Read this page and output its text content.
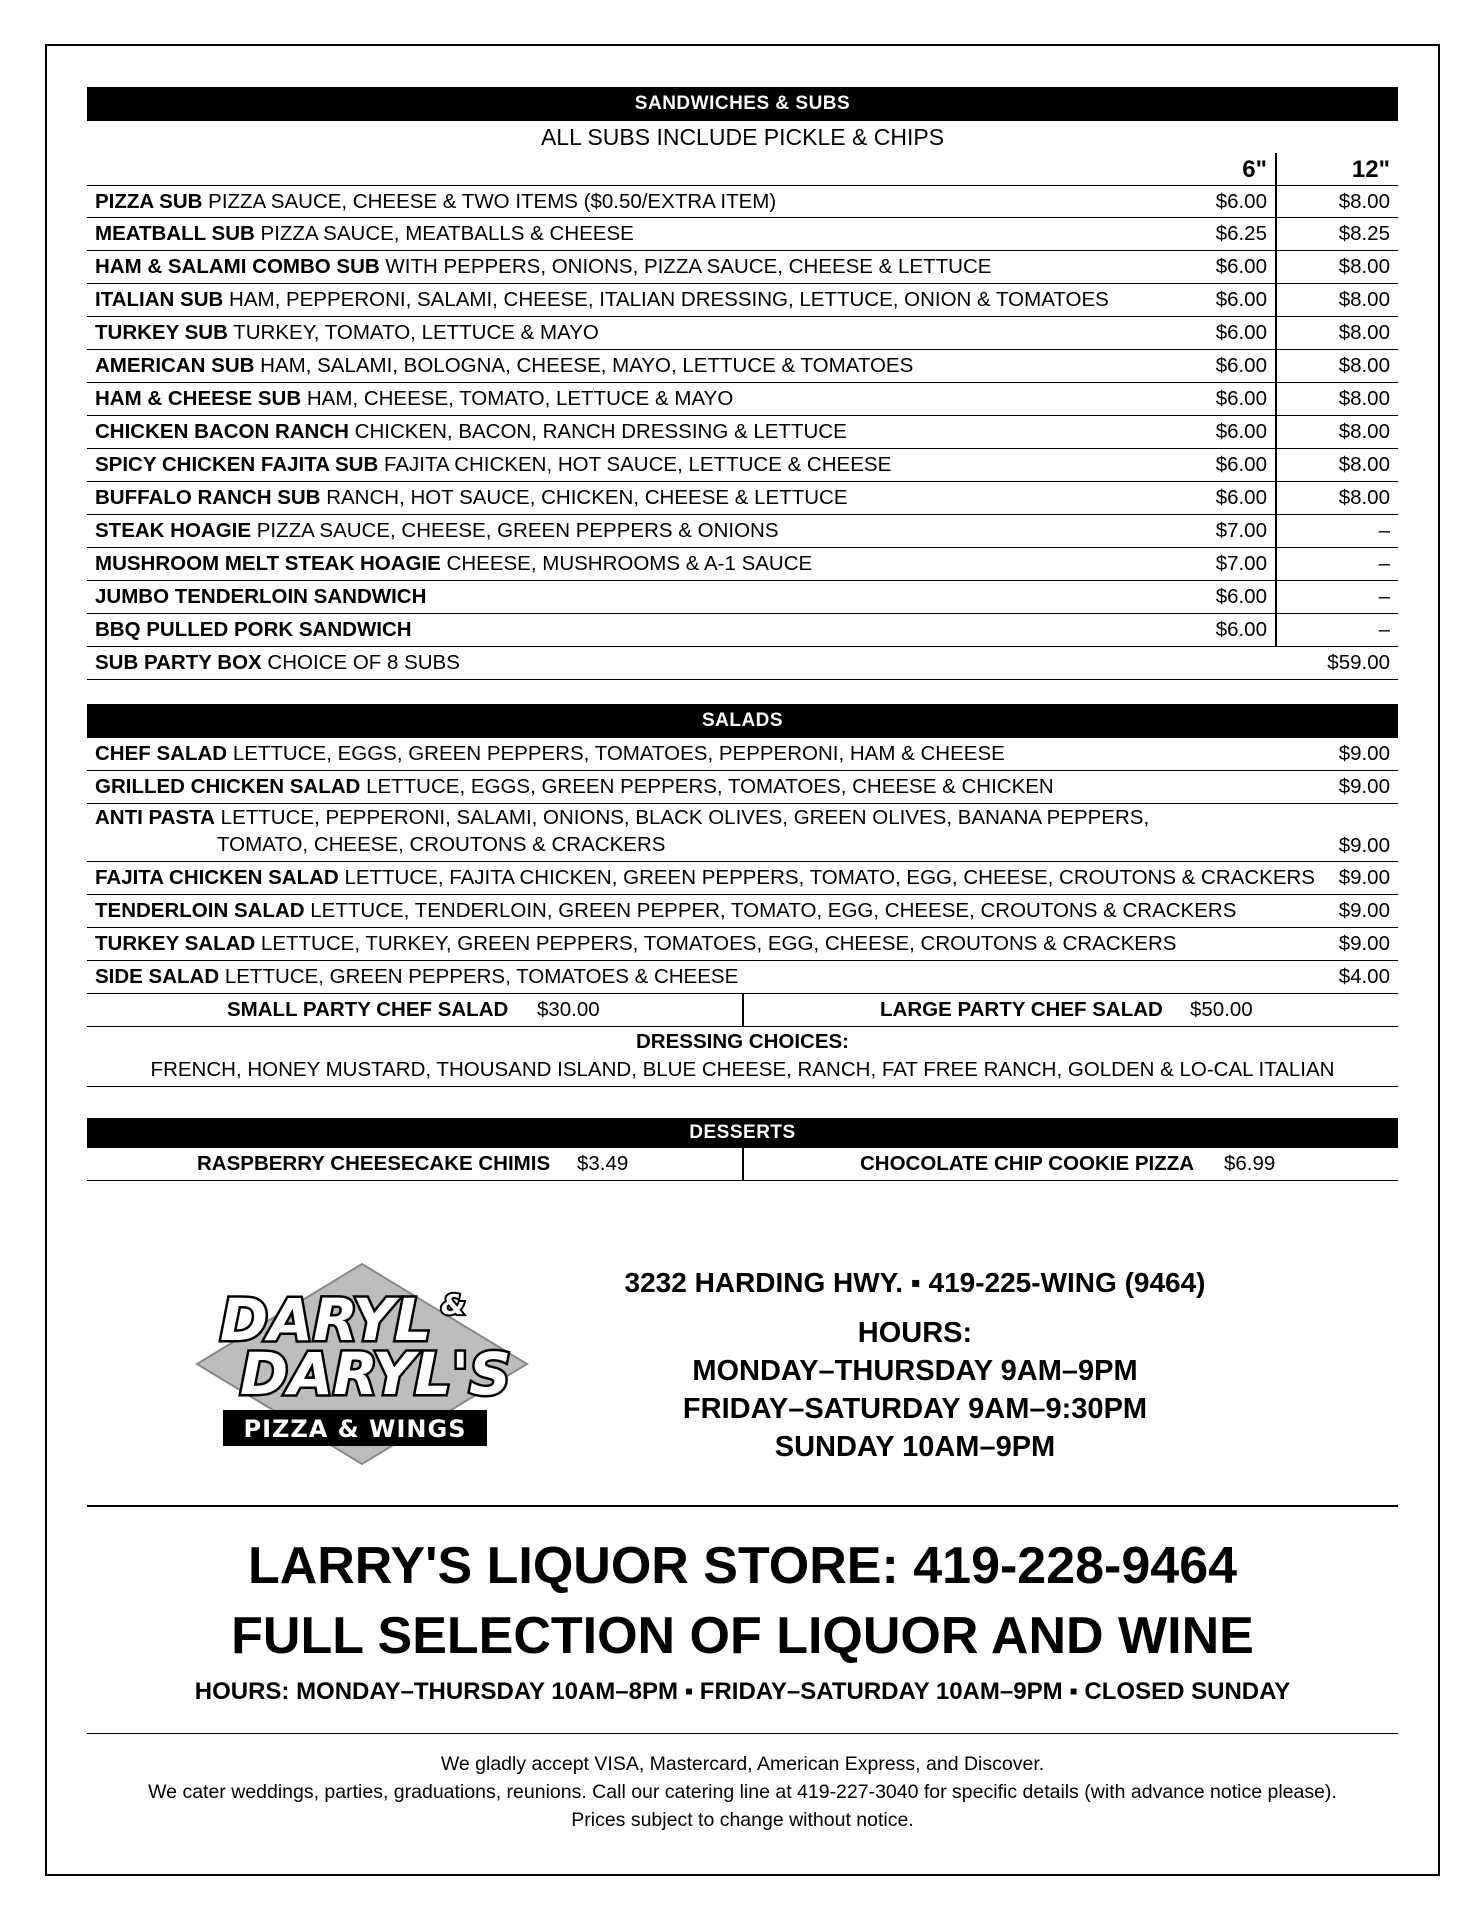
SANDWICHES & SUBS
ALL SUBS INCLUDE PICKLE & CHIPS
6"	12"
PIZZA SUB PIZZA SAUCE, CHEESE & TWO ITEMS ($0.50/EXTRA ITEM)	$6.00	$8.00
MEATBALL SUB PIZZA SAUCE, MEATBALLS & CHEESE	$6.25	$8.25
HAM & SALAMI COMBO SUB WITH PEPPERS, ONIONS, PIZZA SAUCE, CHEESE & LETTUCE	$6.00	$8.00
ITALIAN SUB HAM, PEPPERONI, SALAMI, CHEESE, ITALIAN DRESSING, LETTUCE, ONION & TOMATOES	$6.00	$8.00
TURKEY SUB TURKEY, TOMATO, LETTUCE & MAYO	$6.00	$8.00
AMERICAN SUB HAM, SALAMI, BOLOGNA, CHEESE, MAYO, LETTUCE & TOMATOES	$6.00	$8.00
HAM & CHEESE SUB HAM, CHEESE, TOMATO, LETTUCE & MAYO	$6.00	$8.00
CHICKEN BACON RANCH CHICKEN, BACON, RANCH DRESSING & LETTUCE	$6.00	$8.00
SPICY CHICKEN FAJITA SUB FAJITA CHICKEN, HOT SAUCE, LETTUCE & CHEESE	$6.00	$8.00
BUFFALO RANCH SUB RANCH, HOT SAUCE, CHICKEN, CHEESE & LETTUCE	$6.00	$8.00
STEAK HOAGIE PIZZA SAUCE, CHEESE, GREEN PEPPERS & ONIONS	$7.00	–
MUSHROOM MELT STEAK HOAGIE CHEESE, MUSHROOMS & A-1 SAUCE	$7.00	–
JUMBO TENDERLOIN SANDWICH	$6.00	–
BBQ PULLED PORK SANDWICH	$6.00	–
SUB PARTY BOX CHOICE OF 8 SUBS	$59.00
SALADS
CHEF SALAD LETTUCE, EGGS, GREEN PEPPERS, TOMATOES, PEPPERONI, HAM & CHEESE	$9.00
GRILLED CHICKEN SALAD LETTUCE, EGGS, GREEN PEPPERS, TOMATOES, CHEESE & CHICKEN	$9.00
ANTI PASTA LETTUCE, PEPPERONI, SALAMI, ONIONS, BLACK OLIVES, GREEN OLIVES, BANANA PEPPERS,
TOMATO, CHEESE, CROUTONS & CRACKERS	$9.00
FAJITA CHICKEN SALAD LETTUCE, FAJITA CHICKEN, GREEN PEPPERS, TOMATO, EGG, CHEESE, CROUTONS & CRACKERS $9.00
TENDERLOIN SALAD LETTUCE, TENDERLOIN, GREEN PEPPER, TOMATO, EGG, CHEESE, CROUTONS & CRACKERS	$9.00
TURKEY SALAD LETTUCE, TURKEY, GREEN PEPPERS, TOMATOES, EGG, CHEESE, CROUTONS & CRACKERS	$9.00
SIDE SALAD LETTUCE, GREEN PEPPERS, TOMATOES & CHEESE	$4.00
SMALL PARTY CHEF SALAD $30.00	LARGE PARTY CHEF SALAD $50.00
DRESSING CHOICES:
FRENCH, HONEY MUSTARD, THOUSAND ISLAND, BLUE CHEESE, RANCH, FAT FREE RANCH, GOLDEN & LO-CAL ITALIAN
DESSERTS
RASPBERRY CHEESECAKE CHIMIS $3.49	CHOCOLATE CHIP COOKIE PIZZA $6.99
DARYL &
DARYL'S
PIZZA & WINGS
3232 HARDING HWY. ▪ 419-225-WING (9464)
HOURS:
MONDAY–THURSDAY 9AM–9PM
FRIDAY–SATURDAY 9AM–9:30PM
SUNDAY 10AM–9PM
LARRY'S LIQUOR STORE: 419-228-9464
FULL SELECTION OF LIQUOR AND WINE
HOURS: MONDAY–THURSDAY 10AM–8PM ▪ FRIDAY–SATURDAY 10AM–9PM ▪ CLOSED SUNDAY
We gladly accept VISA, Mastercard, American Express, and Discover.
We cater weddings, parties, graduations, reunions. Call our catering line at 419-227-3040 for specific details (with advance notice please).
Prices subject to change without notice.
